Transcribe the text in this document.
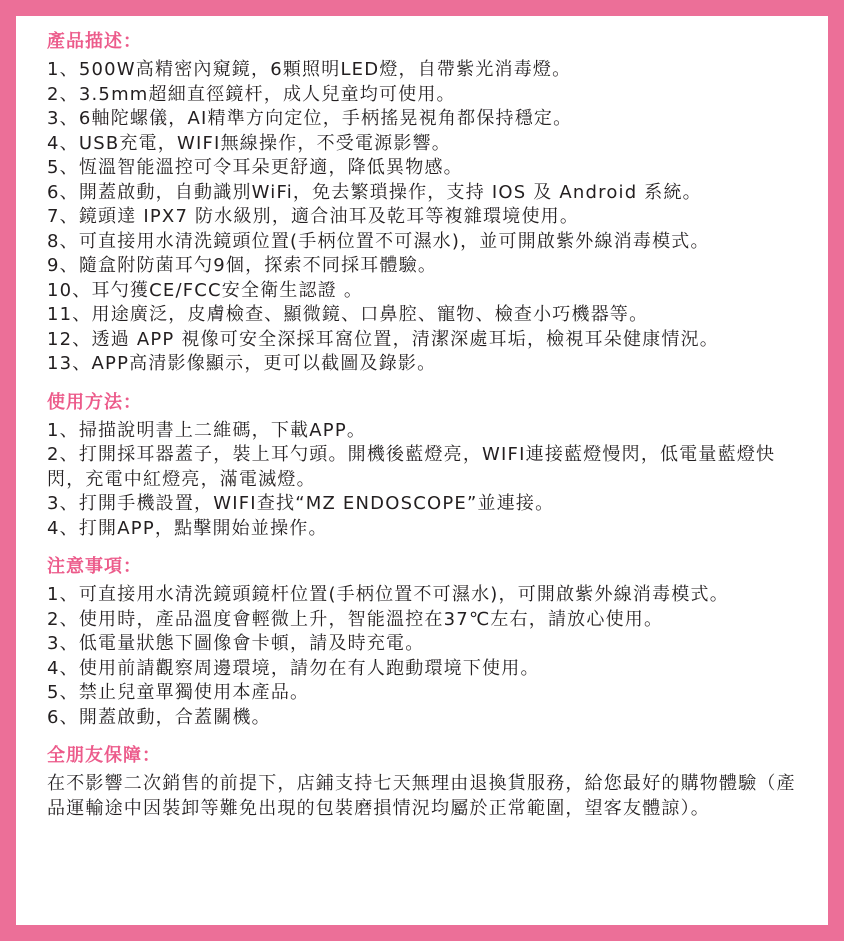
產品描述：
1、500W高精密內窺鏡，6顆照明LED燈，自帶紫光消毒燈。
2、3.5mm超細直徑鏡杆，成人兒童均可使用。
3、6軸陀螺儀，AI精準方向定位，手柄搖晃視角都保持穩定。
4、USB充電，WIFI無線操作，不受電源影響。
5、恆溫智能溫控可令耳朵更舒適，降低異物感。
6、開蓋啟動，自動識別WiFi，免去繁瑣操作，支持 IOS 及 Android 系統。
7、鏡頭達 IPX7 防水級別，適合油耳及乾耳等複雜環境使用。
8、可直接用水清洗鏡頭位置(手柄位置不可濕水)，並可開啟紫外線消毒模式。
9、隨盒附防菌耳勺9個，探索不同採耳體驗。
10、耳勺獲CE/FCC安全衛生認證 。
11、用途廣泛，皮膚檢查、顯微鏡、口鼻腔、寵物、檢查小巧機器等。
12、透過 APP 視像可安全深採耳窩位置，清潔深處耳垢，檢視耳朵健康情況。
13、APP高清影像顯示，更可以截圖及錄影。
使用方法：
1、掃描說明書上二維碼，下載APP。
2、打開採耳器蓋子，裝上耳勺頭。開機後藍燈亮，WIFI連接藍燈慢閃，低電量藍燈快閃，充電中紅燈亮，滿電滅燈。
3、打開手機設置，WIFI查找“MZ ENDOSCOPE”並連接。
4、打開APP，點擊開始並操作。
注意事項：
1、可直接用水清洗鏡頭鏡杆位置(手柄位置不可濕水)，可開啟紫外線消毒模式。
2、使用時，產品溫度會輕微上升，智能溫控在37℃左右，請放心使用。
3、低電量狀態下圖像會卡頓，請及時充電。
4、使用前請觀察周邊環境，請勿在有人跑動環境下使用。
5、禁止兒童單獨使用本產品。
6、開蓋啟動，合蓋關機。
全朋友保障：

在不影響二次銷售的前提下，店鋪支持七天無理由退換貨服務，給您最好的購物體驗（產品運輸途中因裝卸等難免出現的包裝磨損情況均屬於正常範圍，望客友體諒）。
